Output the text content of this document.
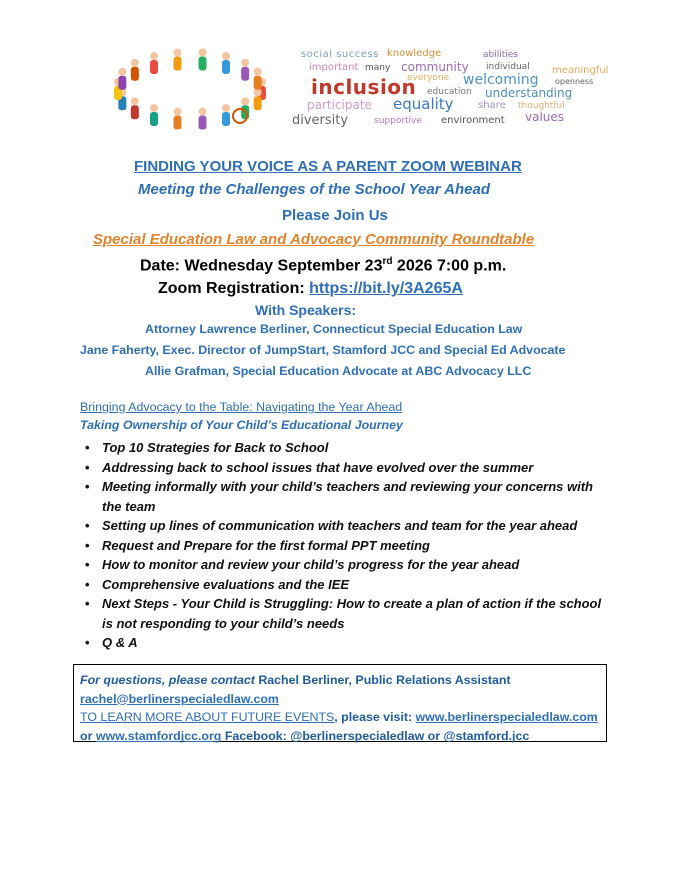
social success knowledge	abilities
important many community individual meaningful
everyone welcoming openness
inclusion education understanding
participate equality share thoughtful
diversity	supportive environment values
FINDING YOUR VOICE AS A PARENT ZOOM WEBINAR
Meeting the Challenges of the School Year Ahead
Please Join Us
Special Education Law and Advocacy Community Roundtable
Date: Wednesday September 23rd 2026 7:00 p.m.
Zoom Registration: https://bit.ly/3A265A
With Speakers:
Attorney Lawrence Berliner, Connecticut Special Education Law
Jane Faherty, Exec. Director of JumpStart, Stamford JCC and Special Ed Advocate
Allie Grafman, Special Education Advocate at ABC Advocacy LLC
Bringing Advocacy to the Table: Navigating the Year Ahead
Taking Ownership of Your Child’s Educational Journey
• Top 10 Strategies for Back to School
• Addressing back to school issues that have evolved over the summer
• Meeting informally with your child’s teachers and reviewing your concerns with the team
• Setting up lines of communication with teachers and team for the year ahead
• Request and Prepare for the first formal PPT meeting
• How to monitor and review your child’s progress for the year ahead
• Comprehensive evaluations and the IEE
• Next Steps - Your Child is Struggling: How to create a plan of action if the school is not responding to your child’s needs
• Q & A
For questions, please contact Rachel Berliner, Public Relations Assistant
rachel@berlinerspecialedlaw.com
TO LEARN MORE ABOUT FUTURE EVENTS, please visit: www.berlinerspecialedlaw.com
or www.stamfordjcc.org Facebook: @berlinerspecialedlaw or @stamford.jcc
